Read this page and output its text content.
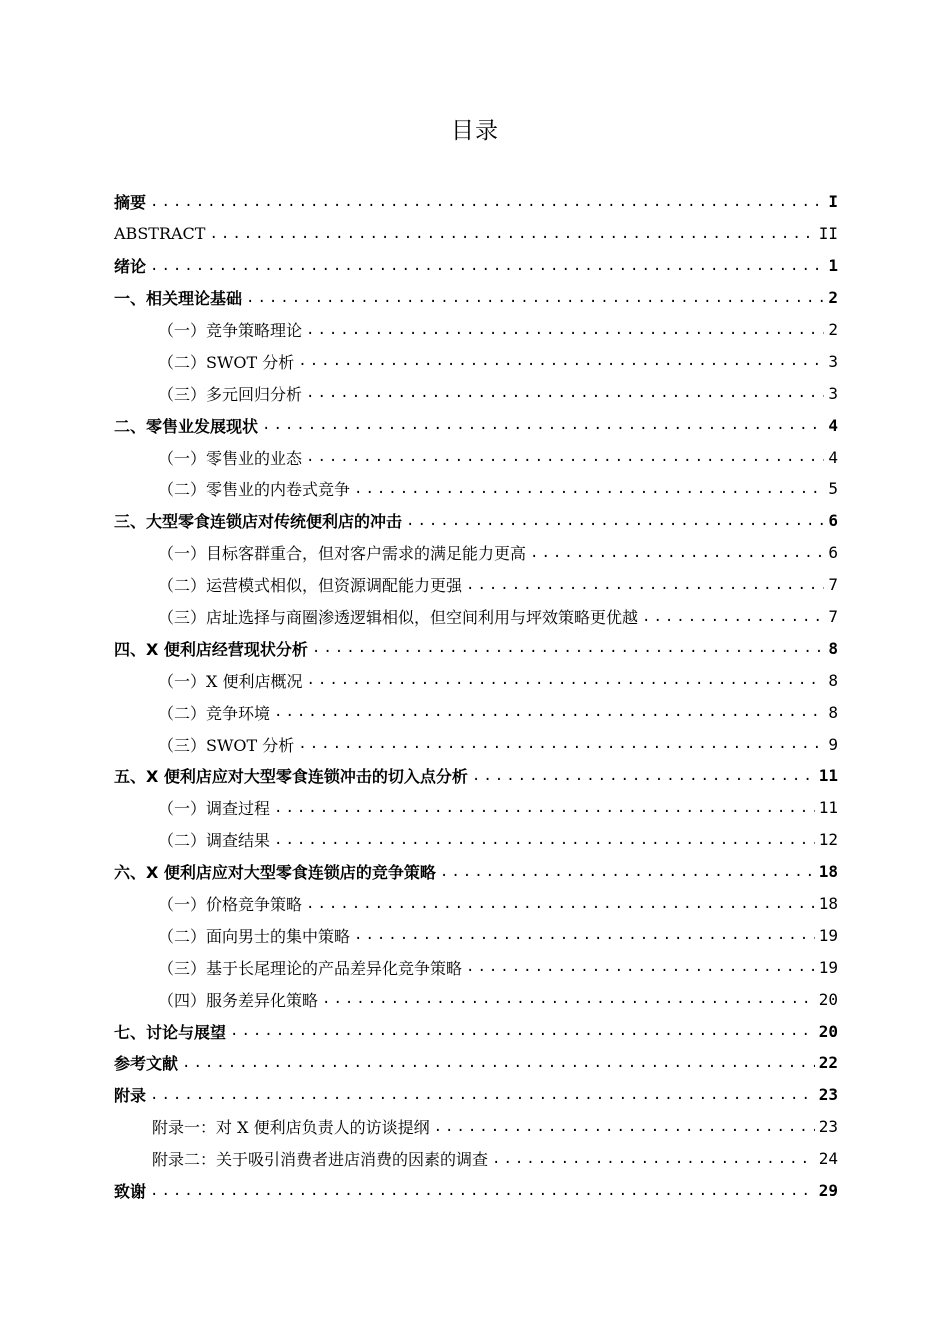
目录
摘要 .....	I
ABSTRACT .....	II
绪论 .....	1
一、相关理论基础 .....	2
（一）竞争策略理论 .....	2
（二）SWOT 分析 .....	3
（三）多元回归分析 .....	3
二、零售业发展现状 .....	4
（一）零售业的业态 .....	4
（二）零售业的内卷式竞争 .....	5
三、大型零食连锁店对传统便利店的冲击 .....	6
（一）目标客群重合，但对客户需求的满足能力更高 .....	6
（二）运营模式相似，但资源调配能力更强 .....	7
（三）店址选择与商圈渗透逻辑相似，但空间利用与坪效策略更优越 .....	7
四、X 便利店经营现状分析 .....	8
（一）X 便利店概况 .....	8
（二）竞争环境 .....	8
（三）SWOT 分析 .....	9
五、X 便利店应对大型零食连锁冲击的切入点分析 .....	11
（一）调查过程 .....	11
（二）调查结果 .....	12
六、X 便利店应对大型零食连锁店的竞争策略 .....	18
（一）价格竞争策略 .....	18
（二）面向男士的集中策略 .....	19
（三）基于长尾理论的产品差异化竞争策略 .....	19
（四）服务差异化策略 .....	20
七、讨论与展望 .....	20
参考文献 .....	22
附录 .....	23
附录一：对 X 便利店负责人的访谈提纲 .....	23
附录二：关于吸引消费者进店消费的因素的调查 .....	24
致谢 .....	29
